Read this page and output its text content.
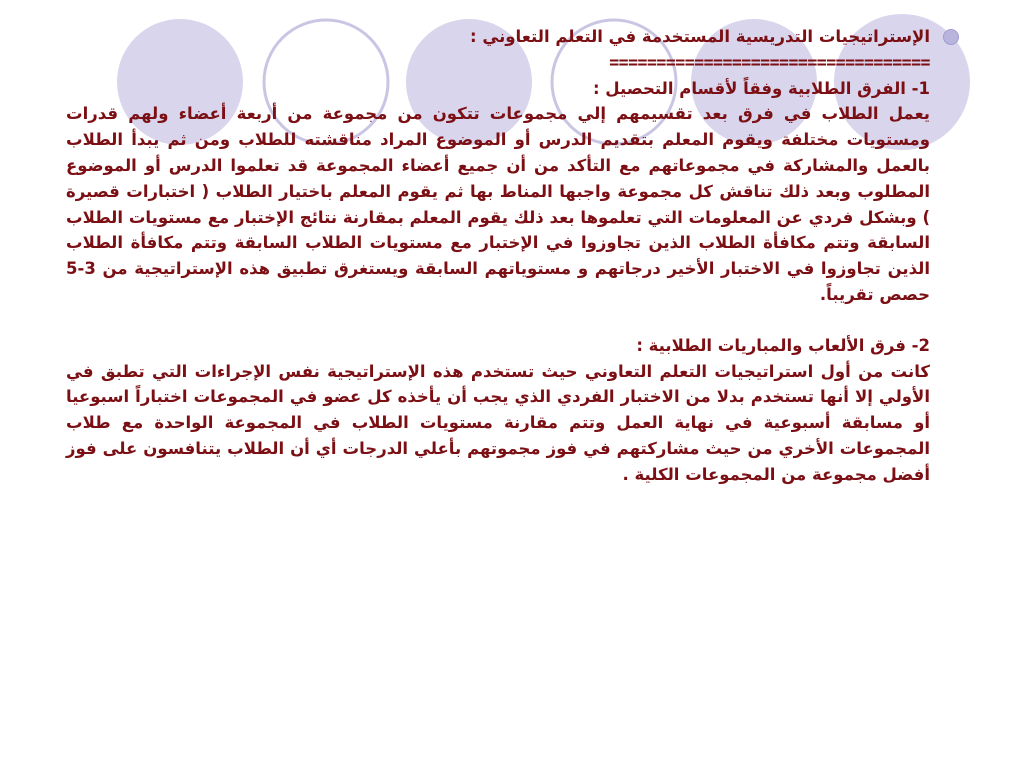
الإستراتيجيات التدريسية المستخدمة في التعلم التعاوني :

==================================

1- الفرق الطلابية وفقاً لأقسام التحصيل :

يعمل الطلاب في فرق بعد تقسيمهم إلي مجموعات تتكون من مجموعة من أربعة أعضاء ولهم قدرات ومستويات مختلفة ويقوم المعلم بتقديم الدرس أو الموضوع المراد مناقشته للطلاب ومن ثم يبدأ الطلاب بالعمل والمشاركة في مجموعاتهم مع التأكد من أن جميع أعضاء المجموعة قد تعلموا الدرس أو الموضوع المطلوب وبعد ذلك تناقش كل مجموعة واجبها المناط بها ثم يقوم المعلم باختيار الطلاب ( اختبارات قصيرة ) وبشكل فردي عن المعلومات التي تعلموها بعد ذلك يقوم المعلم بمقارنة نتائج الإختبار مع مستويات الطلاب السابقة وتتم مكافأة الطلاب الذين تجاوزوا في الإختبار مع مستويات الطلاب السابقة وتتم مكافأة الطلاب الذين تجاوزوا في الاختبار الأخير درجاتهم و مستوياتهم السابقة ويستغرق تطبيق هذه الإستراتيجية من 3-5 حصص تقريباً.

2- فرق الألعاب والمباريات الطلابية :

كانت من أول استراتيجيات التعلم التعاوني حيث تستخدم هذه الإستراتيجية نفس الإجراءات التي تطبق في الأولي إلا أنها تستخدم بدلا من الاختبار الفردي الذي يجب أن يأخذه كل عضو في المجموعات اختباراً اسبوعيا أو مسابقة أسبوعية في نهاية العمل وتتم مقارنة مستويات الطلاب في المجموعة الواحدة مع طلاب المجموعات الأخري من حيث مشاركتهم في فوز مجموتهم بأعلي الدرجات أي أن الطلاب يتنافسون على فوز أفضل مجموعة من المجموعات الكلية .
